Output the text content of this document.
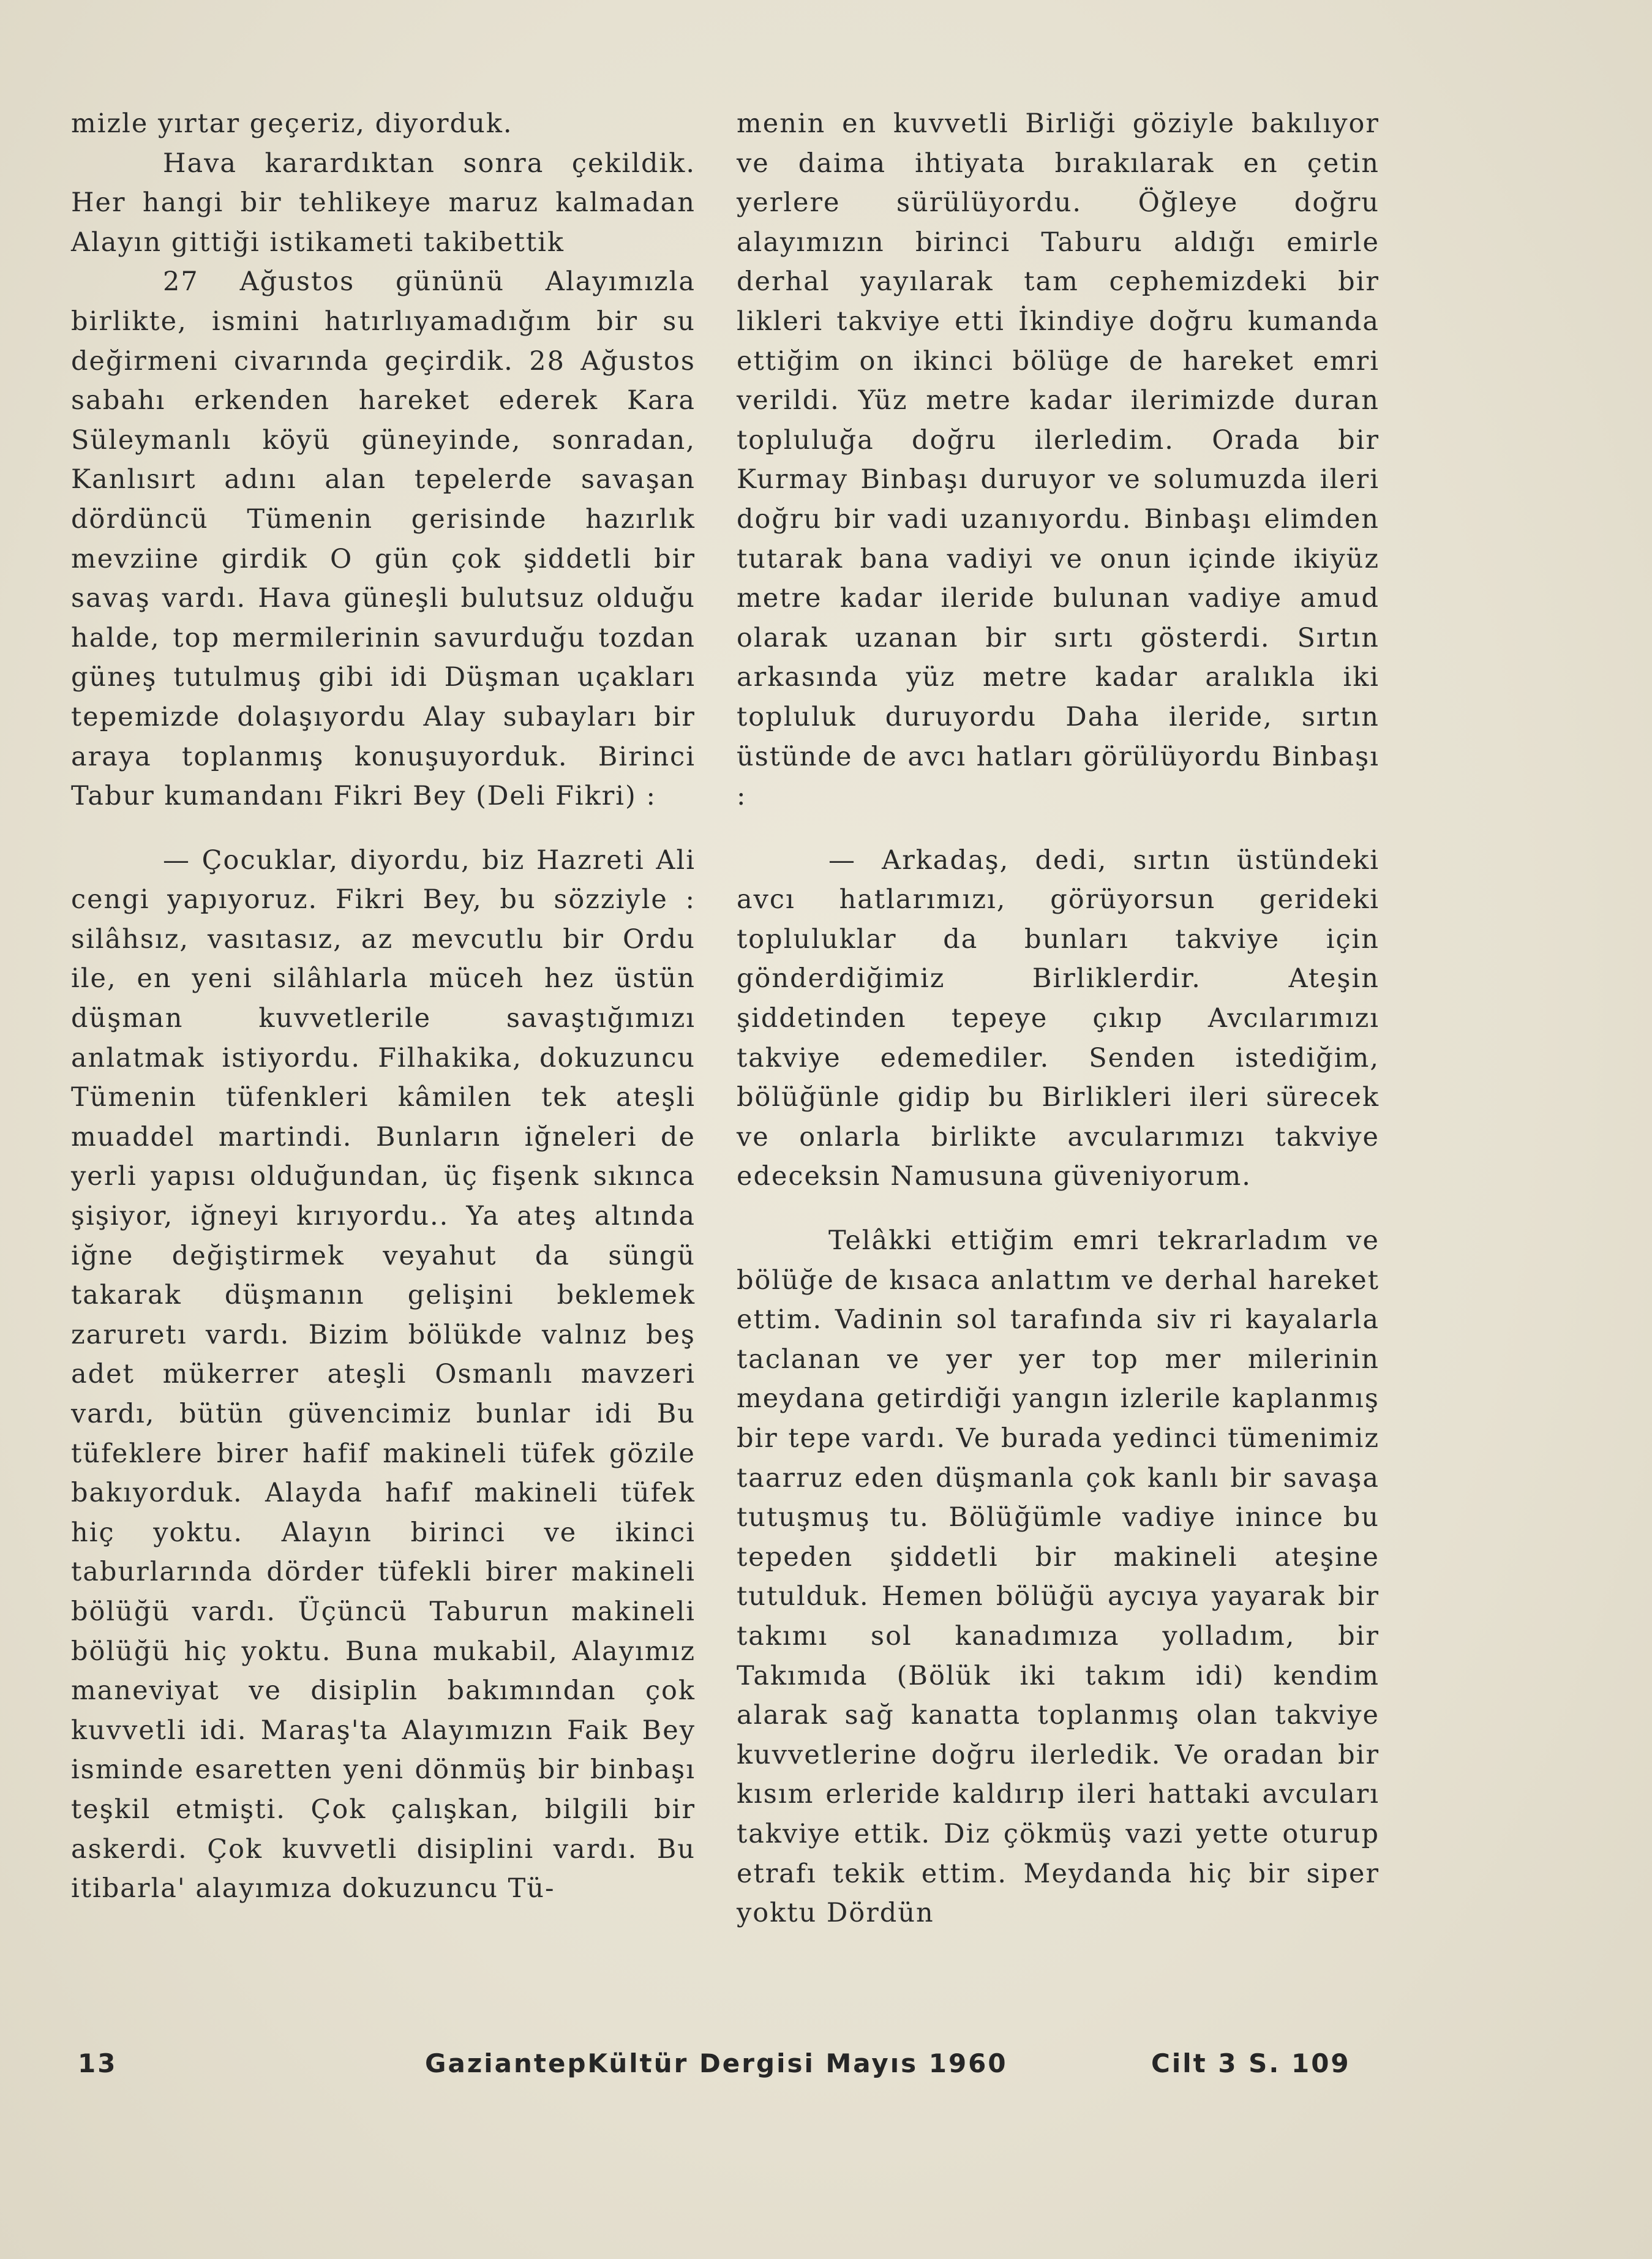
mizle yırtar geçeriz, diyorduk.

Hava karardıktan sonra çekildik. Her hangi bir tehlikeye maruz kalmadan Alayın gittiği istikameti takibettik

27 Ağustos gününü Alayımızla birlikte, ismini hatırlıyamadığım bir su değirmeni civarında geçirdik. 28 Ağustos sabahı erkenden hareket ederek Kara Süleymanlı köyü güneyinde, sonradan, Kanlısırt adını alan tepelerde savaşan dördüncü Tümenin gerisinde hazırlık mevziine girdik O gün çok şiddetli bir savaş vardı. Hava güneşli bulutsuz olduğu halde, top mermilerinin savurduğu tozdan güneş tutulmuş gibi idi Düşman uçakları tepemizde dolaşıyordu Alay subayları bir araya toplanmış konuşuyorduk. Birinci Tabur kumandanı Fikri Bey (Deli Fikri) :

— Çocuklar, diyordu, biz Hazreti Ali cengi yapıyoruz. Fikri Bey, bu sözziyle : silâhsız, vasıtasız, az mevcutlu bir Ordu ile, en yeni silâhlarla müceh hez üstün düşman kuvvetlerile savaştığımızı anlatmak istiyordu. Filhakika, dokuzuncu Tümenin tüfenkleri kâmilen tek ateşli muaddel martindi. Bunların iğneleri de yerli yapısı olduğundan, üç fişenk sıkınca şişiyor, iğneyi kırıyordu.. Ya ateş altında iğne değiştirmek veyahut da süngü takarak düşmanın gelişini beklemek zaruretı vardı. Bizim bölükde valnız beş adet mükerrer ateşli Osmanlı mavzeri vardı, bütün güvencimiz bunlar idi Bu tüfeklere birer hafif makineli tüfek gözile bakıyorduk. Alayda hafıf makineli tüfek hiç yoktu. Alayın birinci ve ikinci taburlarında dörder tüfekli birer makineli bölüğü vardı. Üçüncü Taburun makineli bölüğü hiç yoktu. Buna mukabil, Alayımız maneviyat ve disiplin bakımından çok kuvvetli idi. Maraş'ta Alayımızın Faik Bey isminde esaretten yeni dönmüş bir binbaşı teşkil etmişti. Çok çalışkan, bilgili bir askerdi. Çok kuvvetli disiplini vardı. Bu itibarla' alayımıza dokuzuncu Tü-

menin en kuvvetli Birliği gözi̇yle bakılıyor ve daima ihtiyata bırakılarak en çetin yerlere sürülüyordu. Öğleye doğru alayımızın birinci Taburu aldığı emirle derhal yayılarak tam cephemizdeki bir likleri takviye etti İkindiye doğru kumanda ettiğim on ikinci bölüge de hareket emri verildi. Yüz metre kadar ilerimizde duran topluluğa doğru ilerledim. Orada bir Kurmay Binbaşı duruyor ve solumuzda ileri doğru bir vadi uzanıyordu. Binbaşı elimden tutarak bana vadiyi ve onun içinde ikiyüz metre kadar ileride bulunan vadiye amud olarak uzanan bir sırtı gösterdi. Sırtın arkasında yüz metre kadar aralıkla iki topluluk duruyordu Daha ileride, sırtın üstünde de avcı hatları görülüyordu Binbaşı :

— Arkadaş, dedi, sırtın üstündeki avcı hatlarımızı, görüyorsun gerideki topluluklar da bunları takviye için gönderdiğimiz Birliklerdir. Ateşin şiddetinden tepeye çıkıp Avcılarımızı takviye edemediler. Senden istediğim, bölüğünle gidip bu Birlikleri ileri sürecek ve onlarla birlikte avcularımızı takviye edeceksin Namusuna güveniyorum.

Telâkki ettiğim emri tekrarladım ve bölüğe de kısaca anlattım ve derhal hareket ettim. Vadinin sol tarafında siv ri kayalarla taclanan ve yer yer top mer milerinin meydana getirdiği yangın izlerile kaplanmış bir tepe vardı. Ve burada yedinci tümenimiz taarruz eden düşmanla çok kanlı bir savaşa tutuşmuş tu. Bölüğümle vadiye inince bu tepeden şiddetli bir makineli ateşine tutulduk. Hemen bölüğü aycıya yayarak bir takımı sol kanadımıza yolladım, bir Takımıda (Bölük iki takım idi) kendim alarak sağ kanatta toplanmış olan takviye kuvvetlerine doğru ilerledik. Ve oradan bir kısım erleride kaldırıp ileri hattaki avcuları takviye ettik. Diz çökmüş vazi yette oturup etrafı tekik ettim. Meydanda hiç bir siper yoktu Dördün

13	GaziantepKültür Dergisi Mayıs 1960	Cilt 3 S. 109
